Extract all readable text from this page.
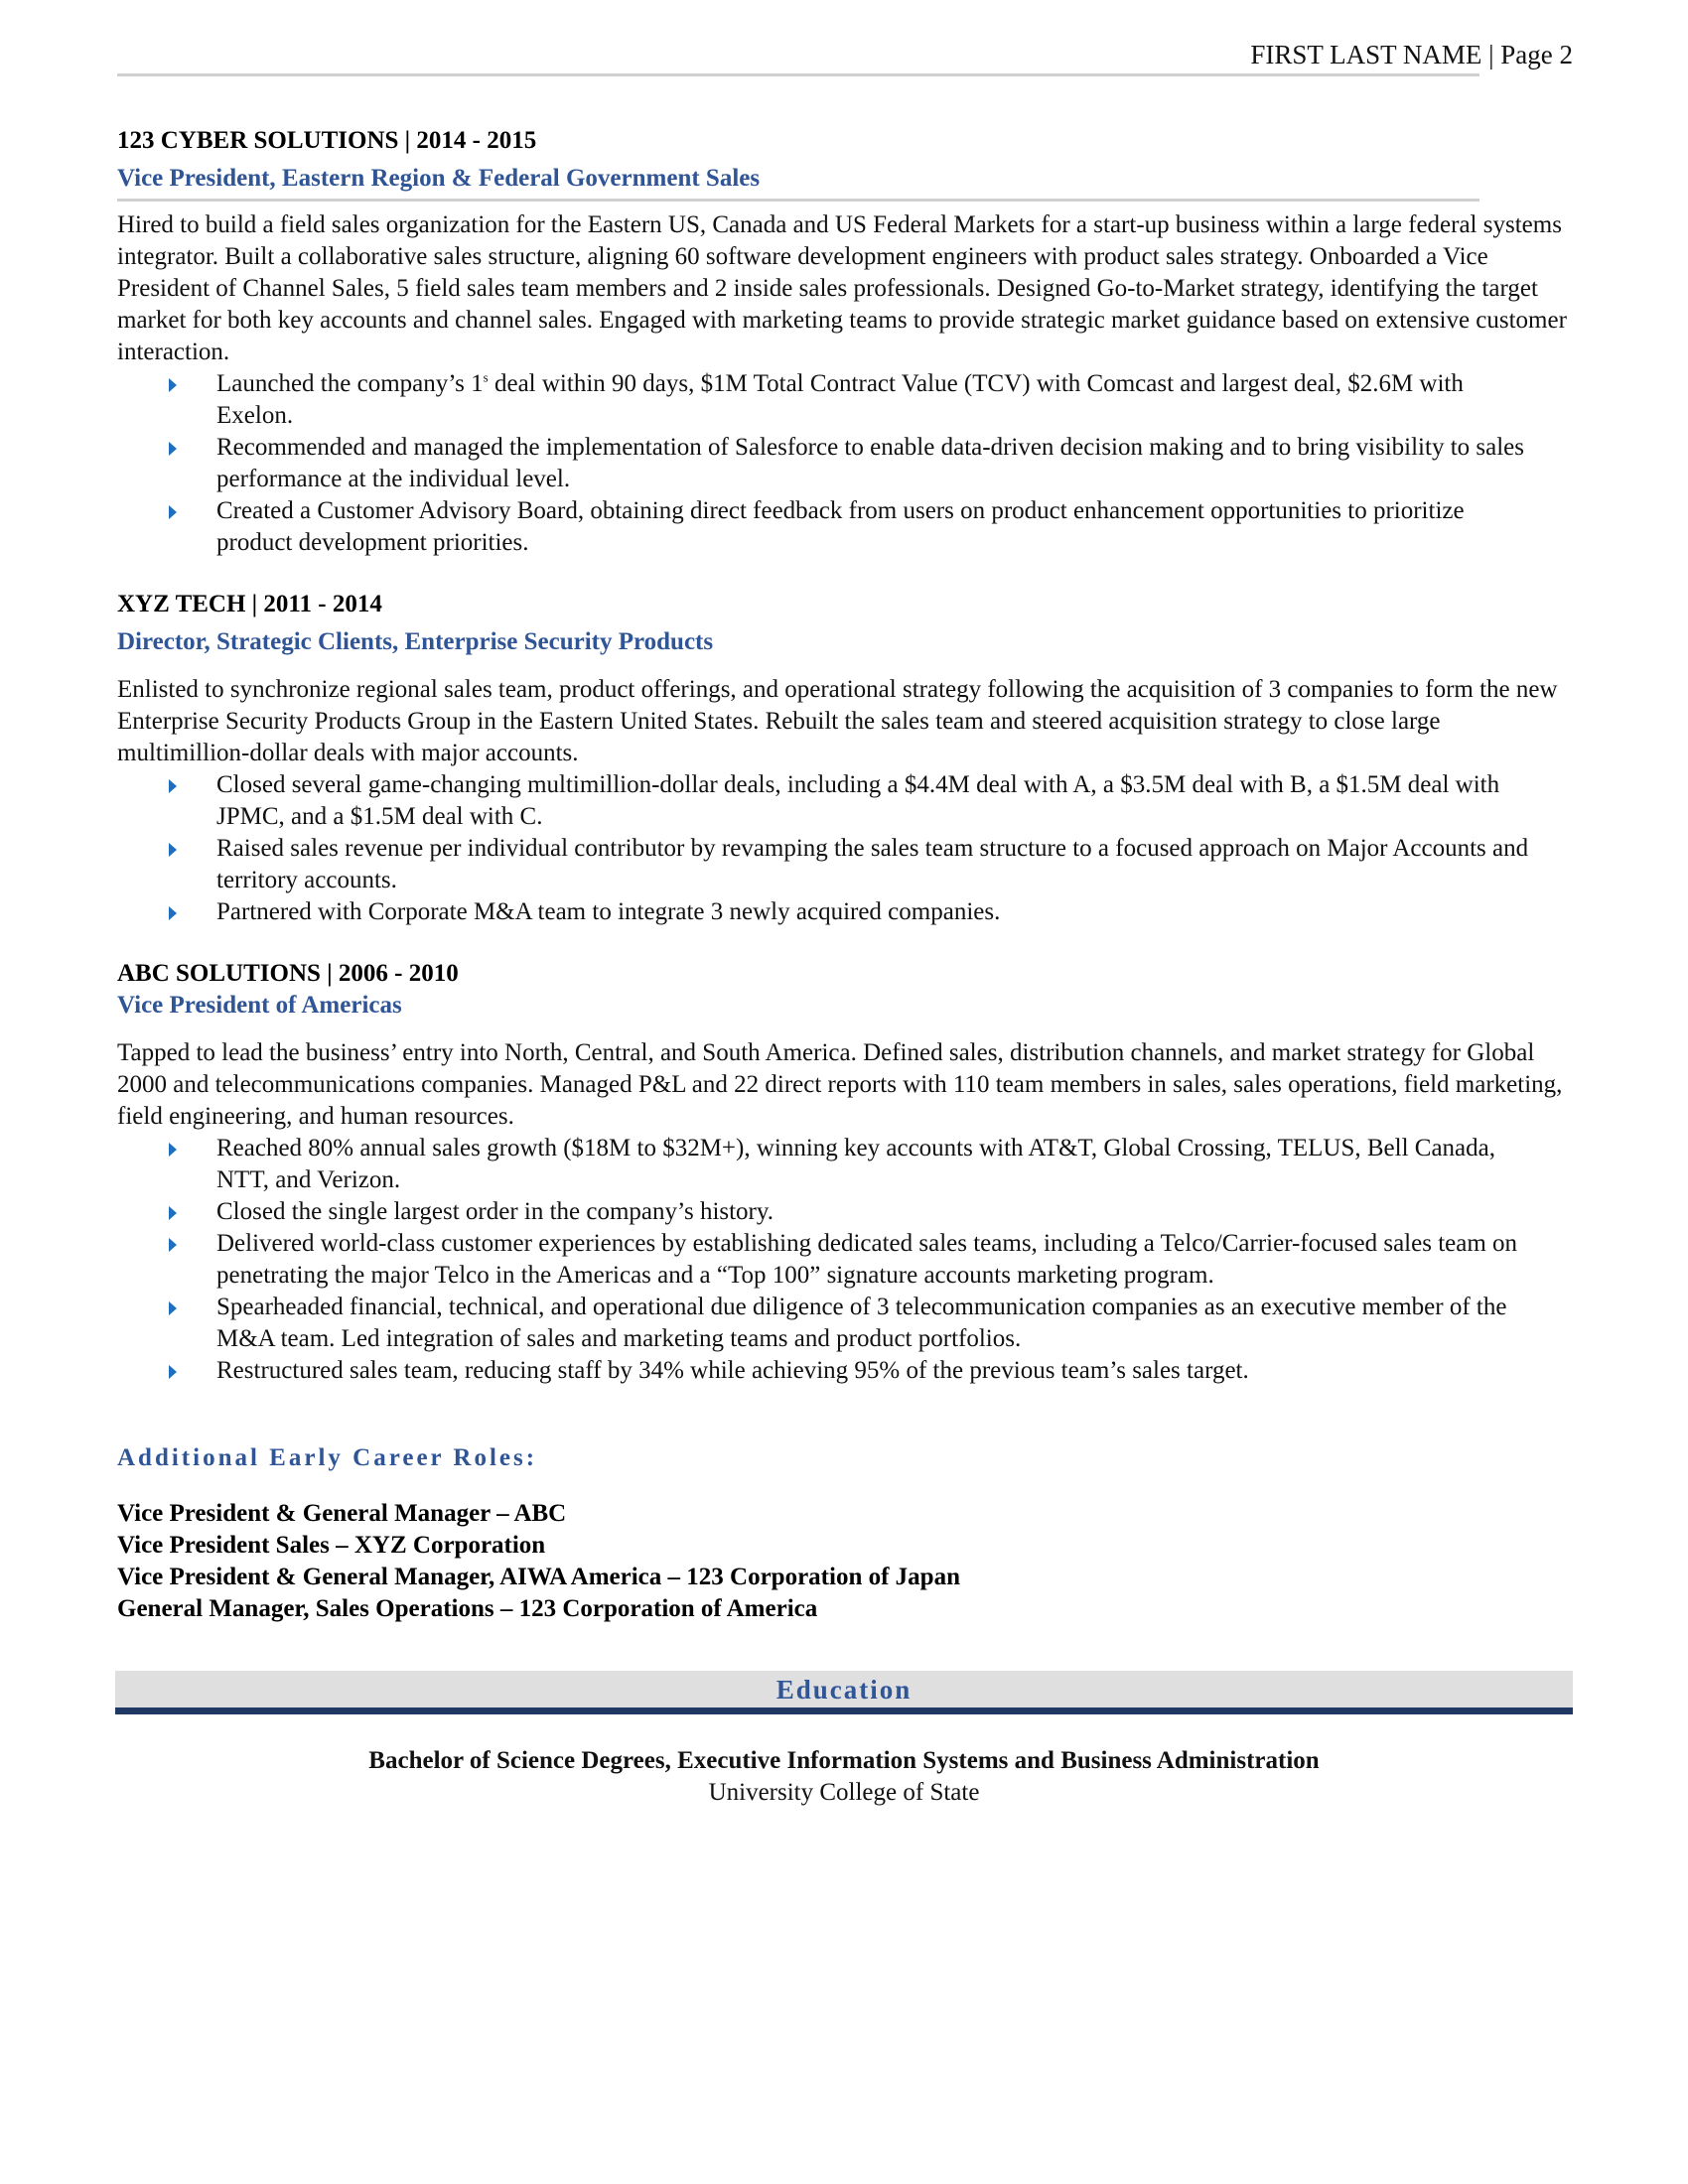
FIRST LAST NAME | Page 2
123 CYBER SOLUTIONS | 2014 - 2015
Vice President, Eastern Region & Federal Government Sales

Hired to build a field sales organization for the Eastern US, Canada and US Federal Markets for a start-up business within a large federal systems integrator. Built a collaborative sales structure, aligning 60 software development engineers with product sales strategy. Onboarded a Vice President of Channel Sales, 5 field sales team members and 2 inside sales professionals. Designed Go-to-Market strategy, identifying the target market for both key accounts and channel sales. Engaged with marketing teams to provide strategic market guidance based on extensive customer interaction.

Launched the company’s 1$^s$ deal within 90 days, $1M Total Contract Value (TCV) with Comcast and largest deal, $2.6M with Exelon.
Recommended and managed the implementation of Salesforce to enable data-driven decision making and to bring visibility to sales performance at the individual level.
Created a Customer Advisory Board, obtaining direct feedback from users on product enhancement opportunities to prioritize product development priorities.
XYZ TECH | 2011 - 2014
Director, Strategic Clients, Enterprise Security Products

Enlisted to synchronize regional sales team, product offerings, and operational strategy following the acquisition of 3 companies to form the new Enterprise Security Products Group in the Eastern United States. Rebuilt the sales team and steered acquisition strategy to close large multimillion-dollar deals with major accounts.

Closed several game-changing multimillion-dollar deals, including a $4.4M deal with A, a $3.5M deal with B, a $1.5M deal with JPMC, and a $1.5M deal with C.
Raised sales revenue per individual contributor by revamping the sales team structure to a focused approach on Major Accounts and territory accounts.
Partnered with Corporate M&A team to integrate 3 newly acquired companies.
ABC SOLUTIONS | 2006 - 2010
Vice President of Americas

Tapped to lead the business’ entry into North, Central, and South America. Defined sales, distribution channels, and market strategy for Global 2000 and telecommunications companies. Managed P&L and 22 direct reports with 110 team members in sales, sales operations, field marketing, field engineering, and human resources.

Reached 80% annual sales growth ($18M to $32M+), winning key accounts with AT&T, Global Crossing, TELUS, Bell Canada, NTT, and Verizon.
Closed the single largest order in the company’s history.
Delivered world-class customer experiences by establishing dedicated sales teams, including a Telco/Carrier-focused sales team on penetrating the major Telco in the Americas and a “Top 100” signature accounts marketing program.
Spearheaded financial, technical, and operational due diligence of 3 telecommunication companies as an executive member of the M&A team. Led integration of sales and marketing teams and product portfolios.
Restructured sales team, reducing staff by 34% while achieving 95% of the previous team’s sales target.
Additional Early Career Roles:
Vice President & General Manager – ABC
Vice President Sales – XYZ Corporation
Vice President & General Manager, AIWA America – 123 Corporation of Japan
General Manager, Sales Operations – 123 Corporation of America
Education
Bachelor of Science Degrees, Executive Information Systems and Business Administration
University College of State
